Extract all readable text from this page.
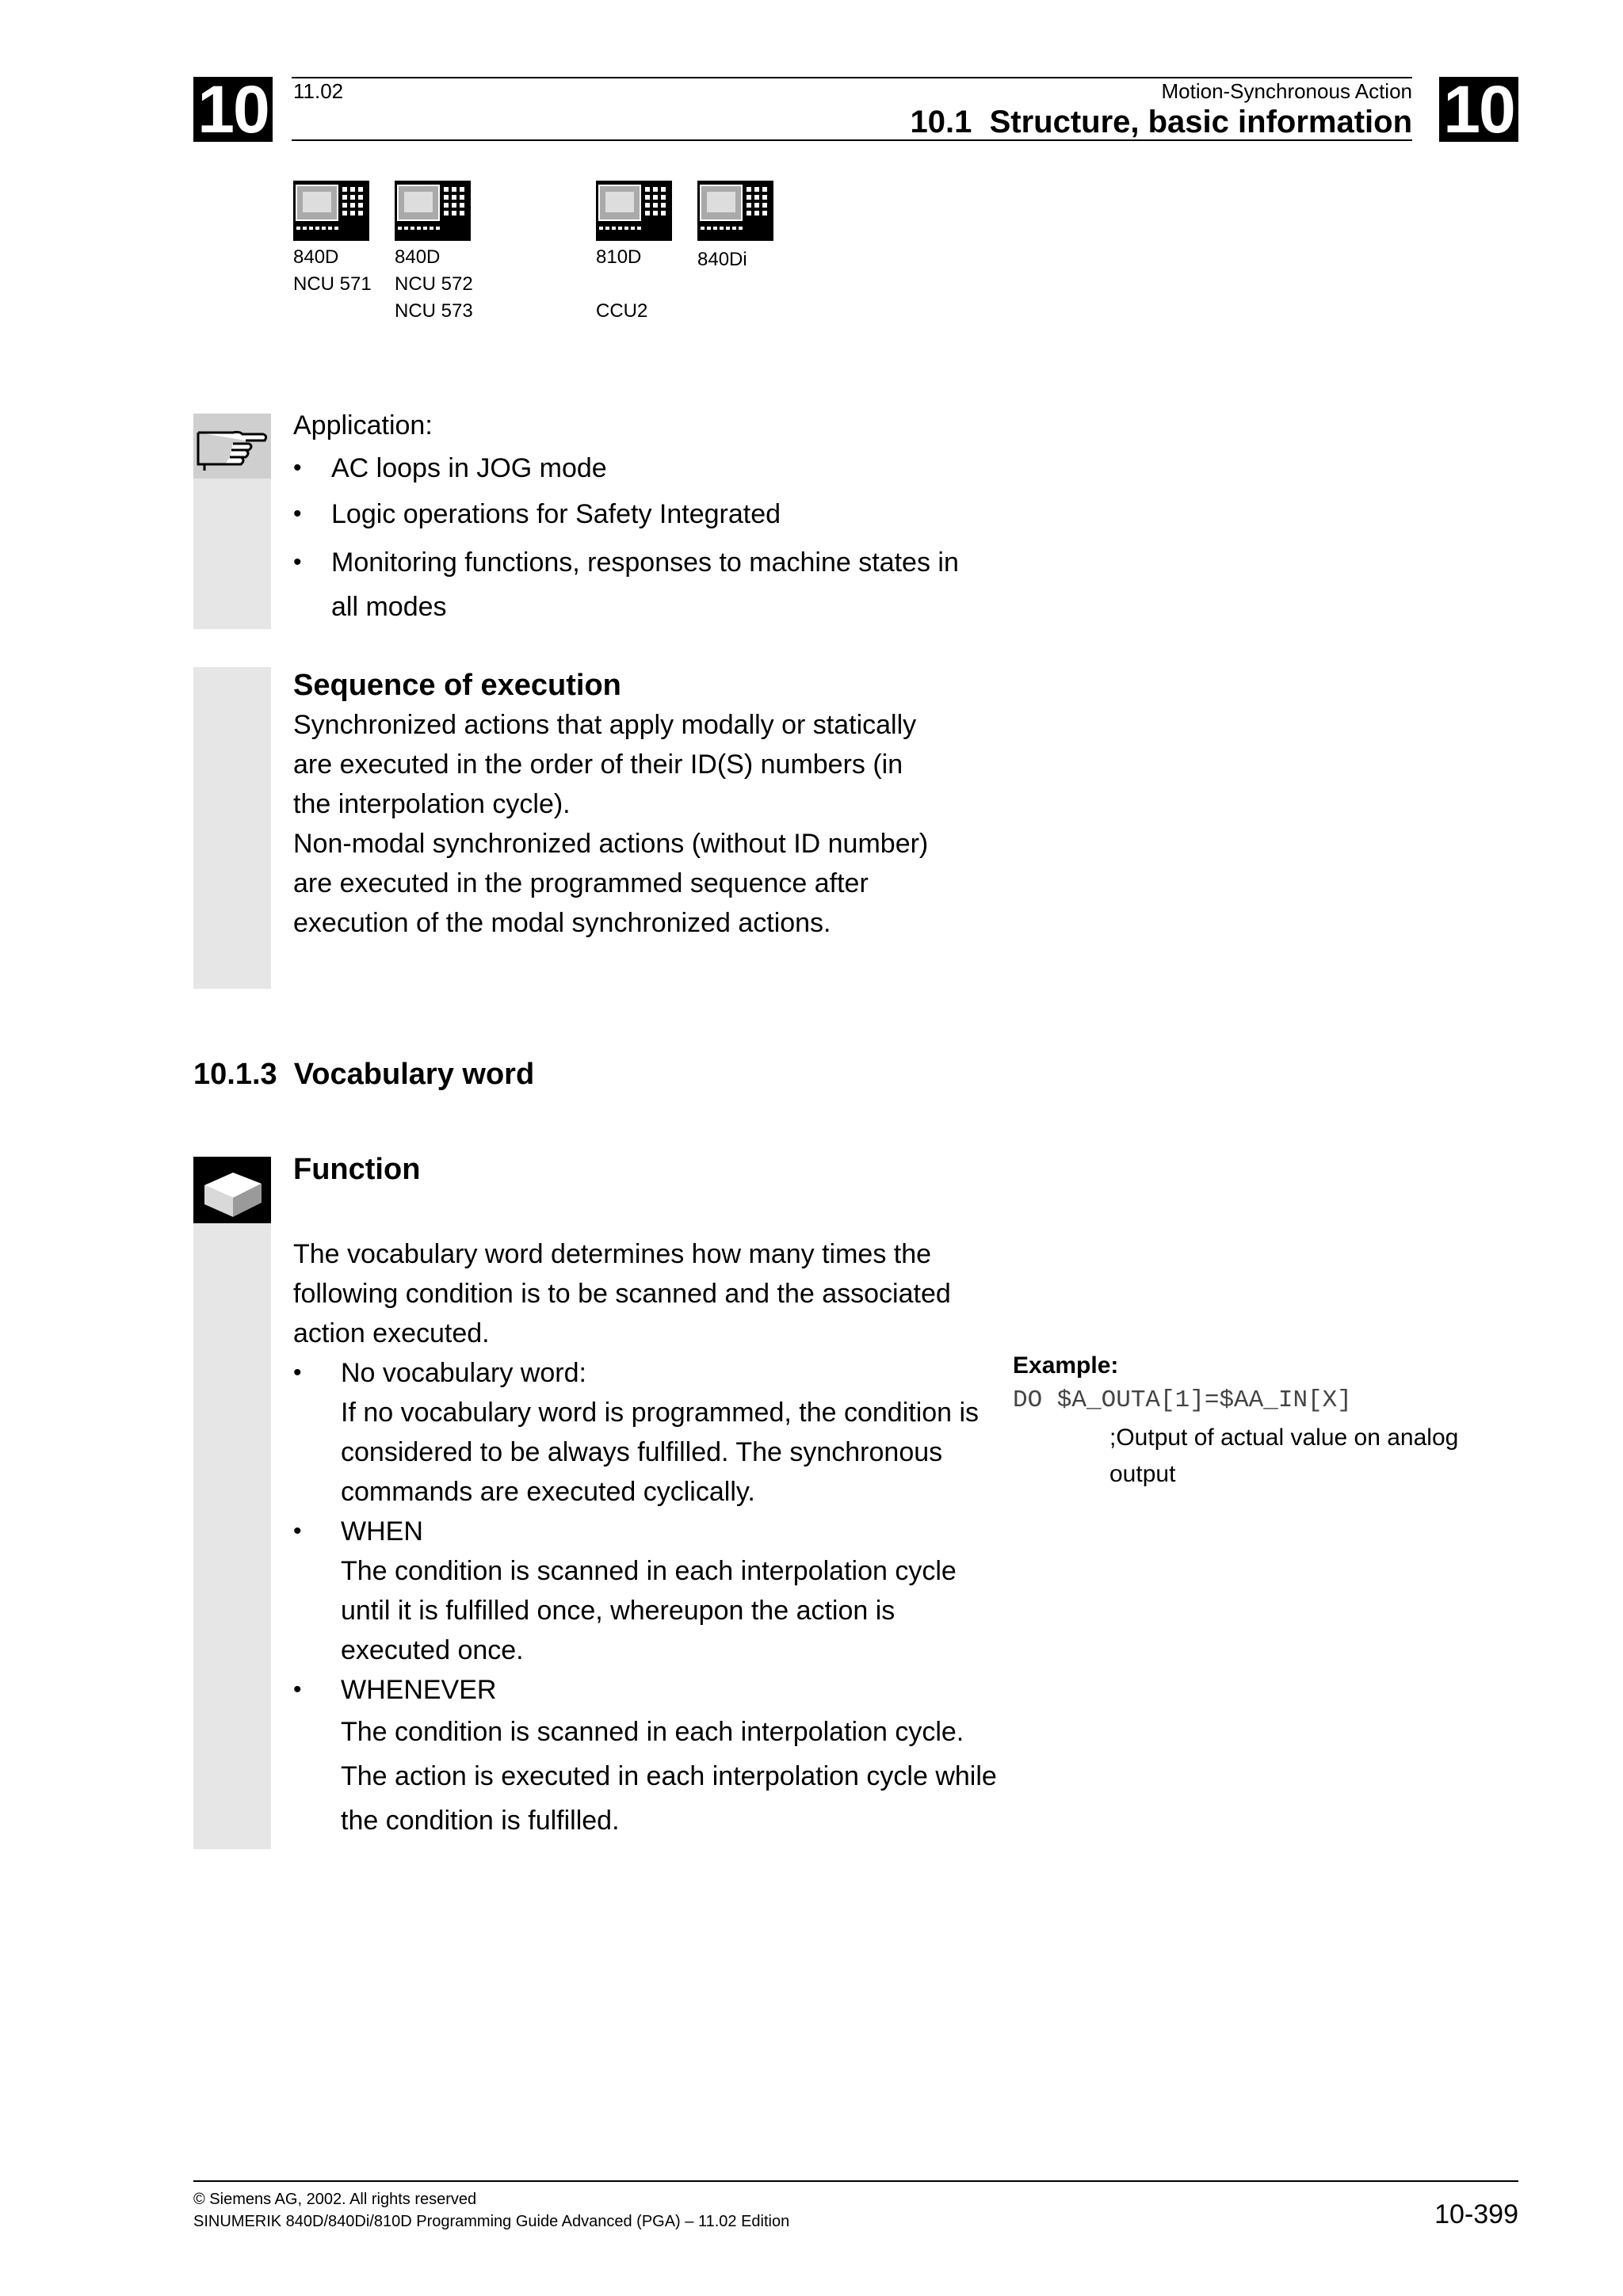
10	10
11.02	Motion-Synchronous Action
10.1  Structure, basic information
840D
NCU 571
840D
NCU 572
NCU 573
810D
CCU2
840Di
Application:
• AC loops in JOG mode
• Logic operations for Safety Integrated
• Monitoring functions, responses to machine states in all modes
Sequence of execution
Synchronized actions that apply modally or statically are executed in the order of their ID(S) numbers (in the interpolation cycle).
Non-modal synchronized actions (without ID number) are executed in the programmed sequence after execution of the modal synchronized actions.
10.1.3 Vocabulary word
Function
The vocabulary word determines how many times the following condition is to be scanned and the associated action executed.
• No vocabulary word:
If no vocabulary word is programmed, the condition is considered to be always fulfilled. The synchronous commands are executed cyclically.
• WHEN
The condition is scanned in each interpolation cycle until it is fulfilled once, whereupon the action is executed once.
• WHENEVER
The condition is scanned in each interpolation cycle.
The action is executed in each interpolation cycle while the condition is fulfilled.
Example:
DO $A_OUTA[1]=$AA_IN[X]
;Output of actual value on analog output
© Siemens AG, 2002. All rights reserved
SINUMERIK 840D/840Di/810D Programming Guide Advanced (PGA) – 11.02 Edition	10-399
